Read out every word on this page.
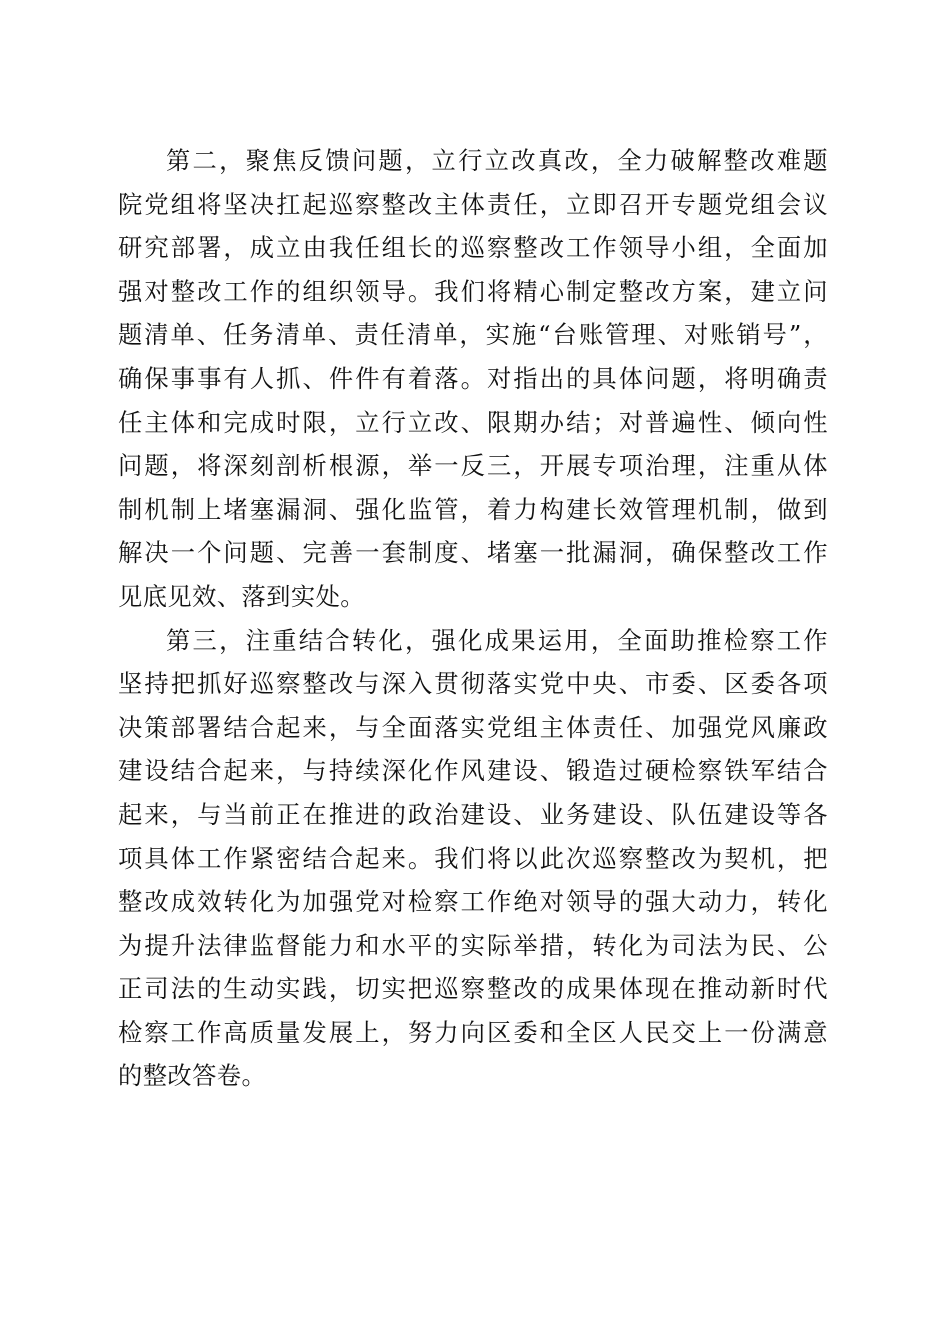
第二，聚焦反馈问题，立行立改真改，全力破解整改难题
院党组将坚决扛起巡察整改主体责任，立即召开专题党组会议
研究部署，成立由我任组长的巡察整改工作领导小组，全面加
强对整改工作的组织领导。我们将精心制定整改方案，建立问
题清单、任务清单、责任清单，实施“台账管理、对账销号”，
确保事事有人抓、件件有着落。对指出的具体问题，将明确责
任主体和完成时限，立行立改、限期办结；对普遍性、倾向性
问题，将深刻剖析根源，举一反三，开展专项治理，注重从体
制机制上堵塞漏洞、强化监管，着力构建长效管理机制，做到
解决一个问题、完善一套制度、堵塞一批漏洞，确保整改工作
见底见效、落到实处。
第三，注重结合转化，强化成果运用，全面助推检察工作
坚持把抓好巡察整改与深入贯彻落实党中央、市委、区委各项
决策部署结合起来，与全面落实党组主体责任、加强党风廉政
建设结合起来，与持续深化作风建设、锻造过硬检察铁军结合
起来，与当前正在推进的政治建设、业务建设、队伍建设等各
项具体工作紧密结合起来。我们将以此次巡察整改为契机，把
整改成效转化为加强党对检察工作绝对领导的强大动力，转化
为提升法律监督能力和水平的实际举措，转化为司法为民、公
正司法的生动实践，切实把巡察整改的成果体现在推动新时代
检察工作高质量发展上，努力向区委和全区人民交上一份满意
的整改答卷。
